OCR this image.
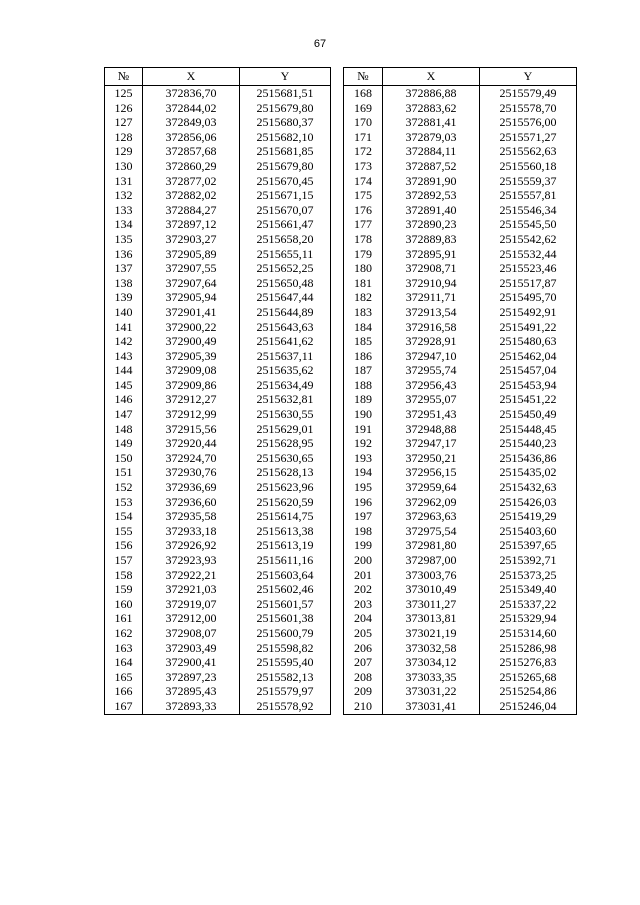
67
№	X	Y		№	X	Y
125	372836,70	2515681,51		168	372886,88	2515579,49
126	372844,02	2515679,80		169	372883,62	2515578,70
127	372849,03	2515680,37		170	372881,41	2515576,00
128	372856,06	2515682,10		171	372879,03	2515571,27
129	372857,68	2515681,85		172	372884,11	2515562,63
130	372860,29	2515679,80		173	372887,52	2515560,18
131	372877,02	2515670,45		174	372891,90	2515559,37
132	372882,02	2515671,15		175	372892,53	2515557,81
133	372884,27	2515670,07		176	372891,40	2515546,34
134	372897,12	2515661,47		177	372890,23	2515545,50
135	372903,27	2515658,20		178	372889,83	2515542,62
136	372905,89	2515655,11		179	372895,91	2515532,44
137	372907,55	2515652,25		180	372908,71	2515523,46
138	372907,64	2515650,48		181	372910,94	2515517,87
139	372905,94	2515647,44		182	372911,71	2515495,70
140	372901,41	2515644,89		183	372913,54	2515492,91
141	372900,22	2515643,63		184	372916,58	2515491,22
142	372900,49	2515641,62		185	372928,91	2515480,63
143	372905,39	2515637,11		186	372947,10	2515462,04
144	372909,08	2515635,62		187	372955,74	2515457,04
145	372909,86	2515634,49		188	372956,43	2515453,94
146	372912,27	2515632,81		189	372955,07	2515451,22
147	372912,99	2515630,55		190	372951,43	2515450,49
148	372915,56	2515629,01		191	372948,88	2515448,45
149	372920,44	2515628,95		192	372947,17	2515440,23
150	372924,70	2515630,65		193	372950,21	2515436,86
151	372930,76	2515628,13		194	372956,15	2515435,02
152	372936,69	2515623,96		195	372959,64	2515432,63
153	372936,60	2515620,59		196	372962,09	2515426,03
154	372935,58	2515614,75		197	372963,63	2515419,29
155	372933,18	2515613,38		198	372975,54	2515403,60
156	372926,92	2515613,19		199	372981,80	2515397,65
157	372923,93	2515611,16		200	372987,00	2515392,71
158	372922,21	2515603,64		201	373003,76	2515373,25
159	372921,03	2515602,46		202	373010,49	2515349,40
160	372919,07	2515601,57		203	373011,27	2515337,22
161	372912,00	2515601,38		204	373013,81	2515329,94
162	372908,07	2515600,79		205	373021,19	2515314,60
163	372903,49	2515598,82		206	373032,58	2515286,98
164	372900,41	2515595,40		207	373034,12	2515276,83
165	372897,23	2515582,13		208	373033,35	2515265,68
166	372895,43	2515579,97		209	373031,22	2515254,86
167	372893,33	2515578,92		210	373031,41	2515246,04
